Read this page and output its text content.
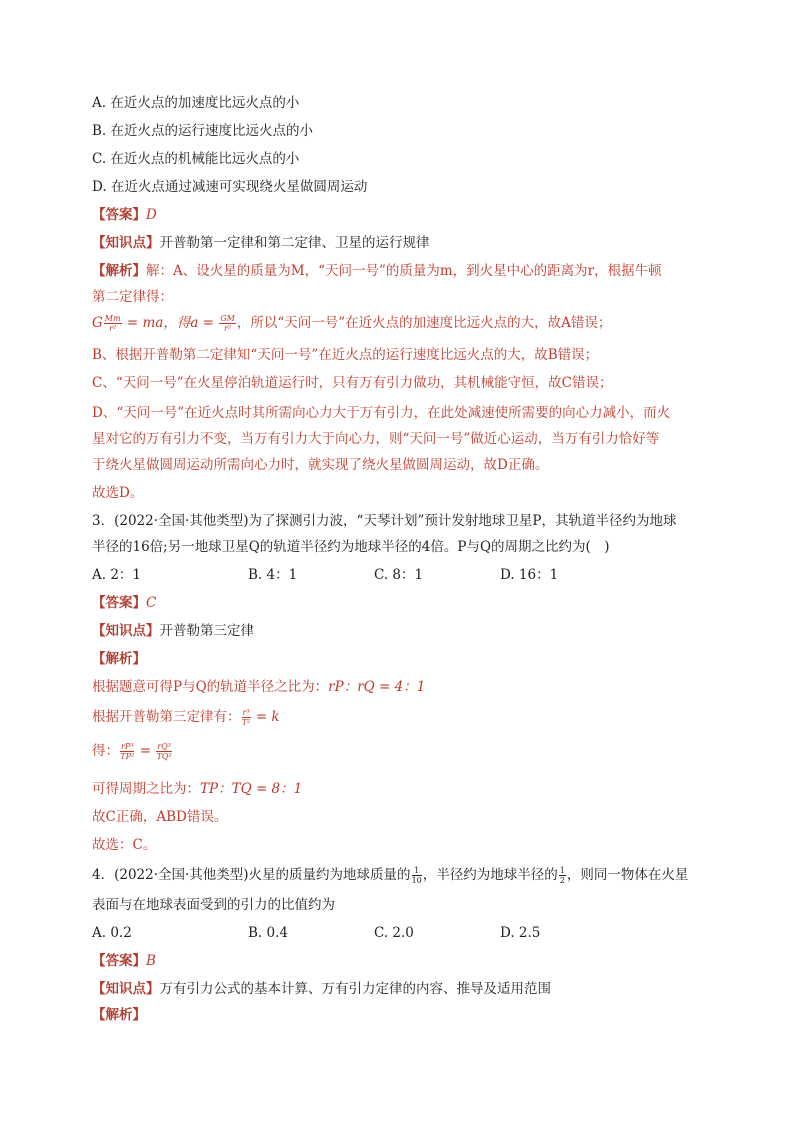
A. 在近火点的加速度比远火点的小
B. 在近火点的运行速度比远火点的小
C. 在近火点的机械能比远火点的小
D. 在近火点通过减速可实现绕火星做圆周运动
【答案】D
【知识点】开普勒第一定律和第二定律、卫星的运行规律
【解析】解：A、设火星的质量为M，“天问一号”的质量为m，到火星中心的距离为r，根据牛顿
第二定律得：
G $\frac{Mm}{\text{r²}}$ = ma，得$a = \frac{GM}{\text{r²}}$ ，所以“天问一号”在近火点的加速度比远火点的大，故A错误；
B、根据开普勒第二定律知“天问一号”在近火点的运行速度比远火点的大，故B错误；
C、“天问一号”在火星停泊轨道运行时，只有万有引力做功，其机械能守恒，故C错误；
D、“天问一号”在近火点时其所需向心力大于万有引力，在此处减速使所需要的向心力减小，而火
星对它的万有引力不变，当万有引力大于向心力，则“天问一号”做近心运动，当万有引力恰好等
于绕火星做圆周运动所需向心力时，就实现了绕火星做圆周运动，故D正确。
故选D。
3．(2022·全国·其他类型)为了探测引力波，“天琴计划”预计发射地球卫星P，其轨道半径约为地球
半径的16倍;另一地球卫星Q的轨道半径约为地球半径的4倍。P与Q的周期之比约为(　)
A. 2：1	B. 4：1	C. 8：1	D. 16：1
【答案】C
【知识点】开普勒第三定律
【解析】
根据题意可得P与Q的轨道半径之比为：rP：rQ = 4：1
根据开普勒第三定律有： $\frac{\text{r³}}{\text{T²}} = k$
得： $\frac{\text{rP³}}{\text{TP²}} = \frac{\text{rQ³}}{\text{TQ²}}$
可得周期之比为：TP：TQ = 8：1
故C正确，ABD错误。
故选：C。
4．(2022·全国·其他类型)火星的质量约为地球质量的 $\frac{1}{10}$ ，半径约为地球半径的 $\frac{1}{2}$ ，则同一物体在火星
表面与在地球表面受到的引力的比值约为
A. 0.2	B. 0.4	C. 2.0	D. 2.5
【答案】B
【知识点】万有引力公式的基本计算、万有引力定律的内容、推导及适用范围
【解析】
